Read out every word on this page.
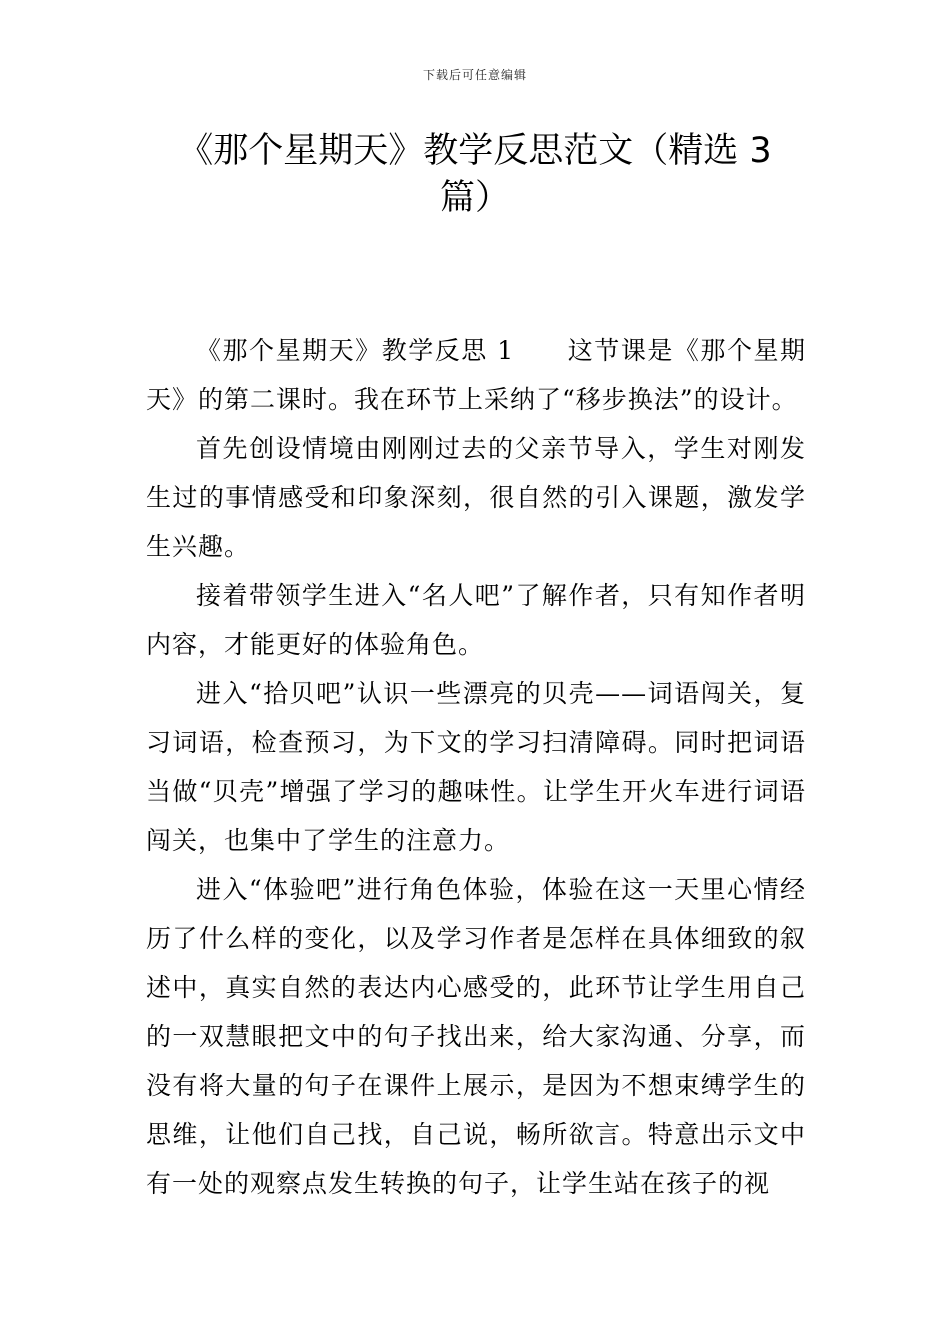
下载后可任意编辑
《那个星期天》教学反思范文（精选 3
篇）

《那个星期天》教学反思 1　　这节课是《那个星期天》的第二课时。我在环节上采纳了“移步换法”的设计。

首先创设情境由刚刚过去的父亲节导入，学生对刚发生过的事情感受和印象深刻，很自然的引入课题，激发学生兴趣。

接着带领学生进入“名人吧”了解作者，只有知作者明内容，才能更好的体验角色。

进入“拾贝吧”认识一些漂亮的贝壳——词语闯关，复习词语，检查预习，为下文的学习扫清障碍。同时把词语当做“贝壳”增强了学习的趣味性。让学生开火车进行词语闯关，也集中了学生的注意力。

进入“体验吧”进行角色体验，体验在这一天里心情经历了什么样的变化，以及学习作者是怎样在具体细致的叙述中，真实自然的表达内心感受的，此环节让学生用自己的一双慧眼把文中的句子找出来，给大家沟通、分享，而没有将大量的句子在课件上展示，是因为不想束缚学生的思维，让他们自己找，自己说，畅所欲言。特意出示文中有一处的观察点发生转换的句子，让学生站在孩子的视
